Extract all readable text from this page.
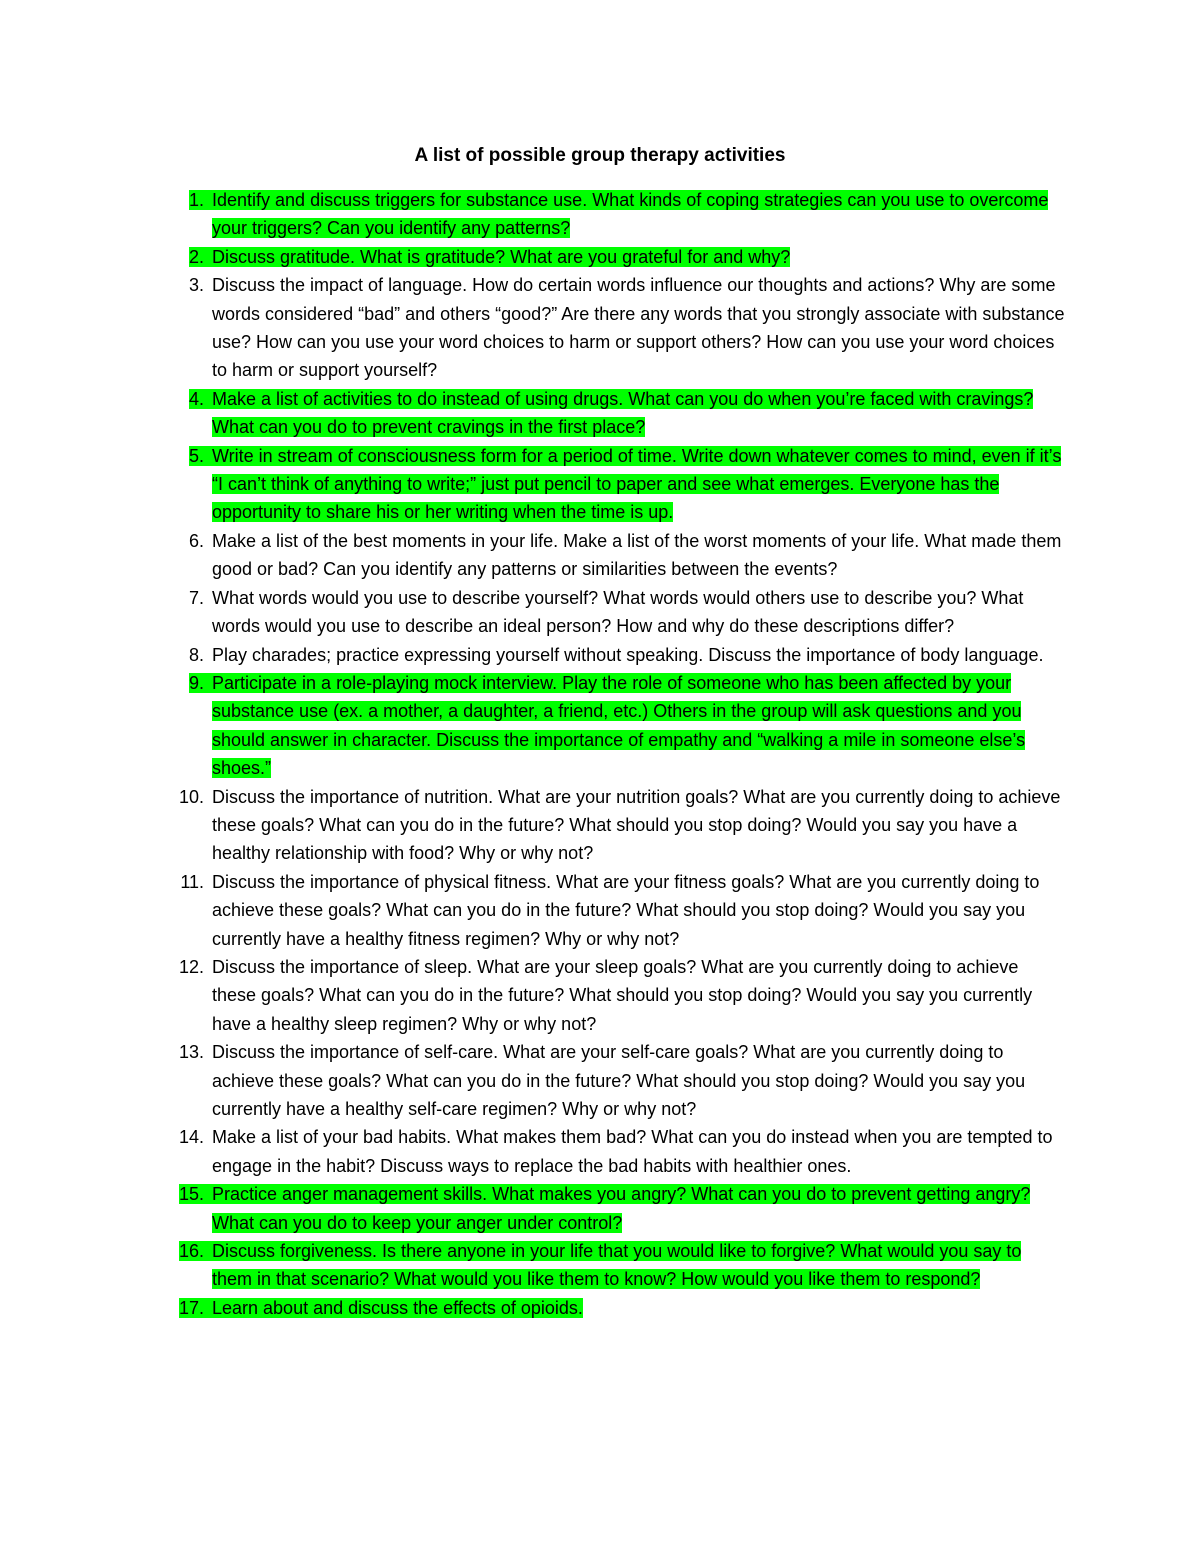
A list of possible group therapy activities
1. Identify and discuss triggers for substance use. What kinds of coping strategies can you use to overcome your triggers? Can you identify any patterns?
2. Discuss gratitude. What is gratitude? What are you grateful for and why?
3. Discuss the impact of language. How do certain words influence our thoughts and actions? Why are some words considered “bad” and others “good?” Are there any words that you strongly associate with substance use? How can you use your word choices to harm or support others? How can you use your word choices to harm or support yourself?
4. Make a list of activities to do instead of using drugs. What can you do when you’re faced with cravings? What can you do to prevent cravings in the first place?
5. Write in stream of consciousness form for a period of time. Write down whatever comes to mind, even if it’s “I can’t think of anything to write;” just put pencil to paper and see what emerges. Everyone has the opportunity to share his or her writing when the time is up.
6. Make a list of the best moments in your life. Make a list of the worst moments of your life. What made them good or bad? Can you identify any patterns or similarities between the events?
7. What words would you use to describe yourself? What words would others use to describe you? What words would you use to describe an ideal person? How and why do these descriptions differ?
8. Play charades; practice expressing yourself without speaking. Discuss the importance of body language.
9. Participate in a role-playing mock interview. Play the role of someone who has been affected by your substance use (ex. a mother, a daughter, a friend, etc.) Others in the group will ask questions and you should answer in character. Discuss the importance of empathy and “walking a mile in someone else’s shoes.”
10. Discuss the importance of nutrition. What are your nutrition goals? What are you currently doing to achieve these goals? What can you do in the future? What should you stop doing? Would you say you have a healthy relationship with food? Why or why not?
11. Discuss the importance of physical fitness. What are your fitness goals? What are you currently doing to achieve these goals? What can you do in the future? What should you stop doing? Would you say you currently have a healthy fitness regimen? Why or why not?
12. Discuss the importance of sleep. What are your sleep goals? What are you currently doing to achieve these goals? What can you do in the future? What should you stop doing? Would you say you currently have a healthy sleep regimen? Why or why not?
13. Discuss the importance of self-care. What are your self-care goals? What are you currently doing to achieve these goals? What can you do in the future? What should you stop doing? Would you say you currently have a healthy self-care regimen? Why or why not?
14. Make a list of your bad habits. What makes them bad? What can you do instead when you are tempted to engage in the habit? Discuss ways to replace the bad habits with healthier ones.
15. Practice anger management skills. What makes you angry? What can you do to prevent getting angry? What can you do to keep your anger under control?
16. Discuss forgiveness. Is there anyone in your life that you would like to forgive? What would you say to them in that scenario? What would you like them to know? How would you like them to respond?
17. Learn about and discuss the effects of opioids.
